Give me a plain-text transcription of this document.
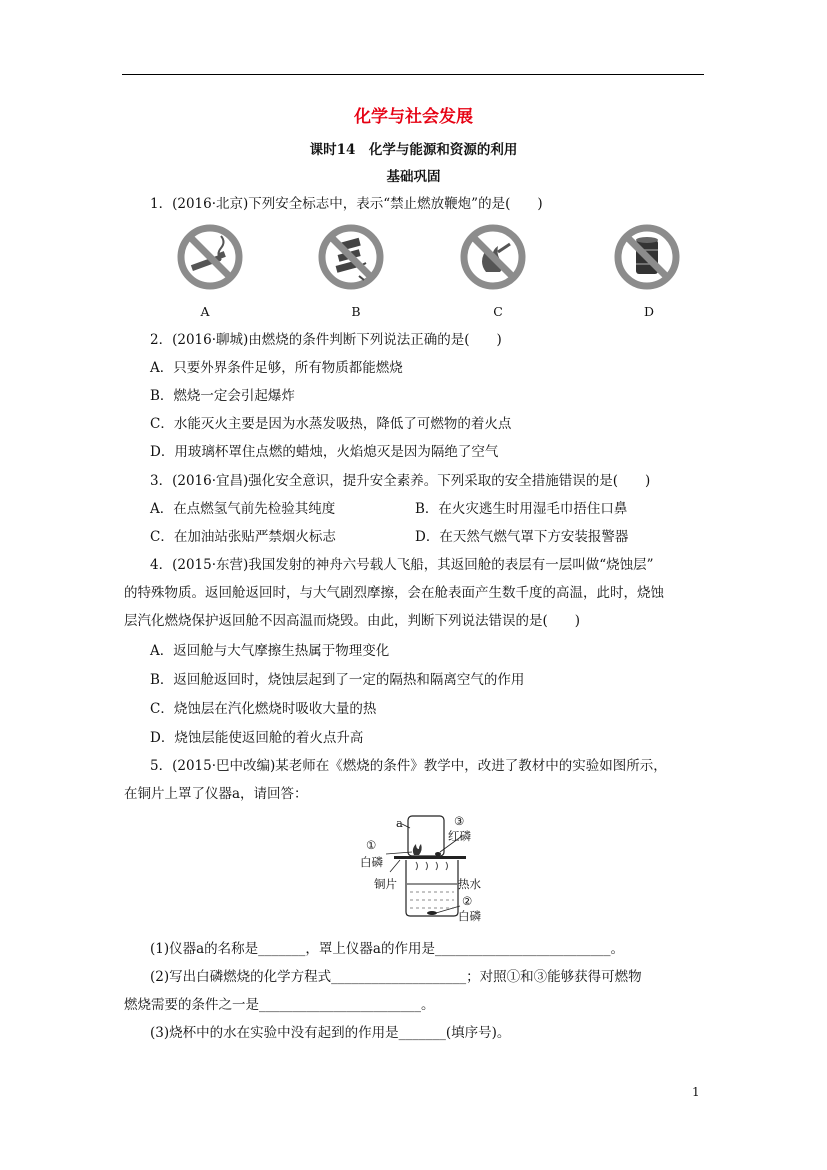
化学与社会发展
课时14　化学与能源和资源的利用
基础巩固
1．(2016·北京)下列安全标志中，表示“禁止燃放鞭炮”的是(　　)
A	B	C	D
2．(2016·聊城)由燃烧的条件判断下列说法正确的是(　　)
A．只要外界条件足够，所有物质都能燃烧
B．燃烧一定会引起爆炸
C．水能灭火主要是因为水蒸发吸热，降低了可燃物的着火点
D．用玻璃杯罩住点燃的蜡烛，火焰熄灭是因为隔绝了空气
3．(2016·宜昌)强化安全意识，提升安全素养。下列采取的安全措施错误的是(　　)
A．在点燃氢气前先检验其纯度	B．在火灾逃生时用湿毛巾捂住口鼻
C．在加油站张贴严禁烟火标志	D．在天然气燃气罩下方安装报警器
4．(2015·东营)我国发射的神舟六号载人飞船，其返回舱的表层有一层叫做“烧蚀层”
的特殊物质。返回舱返回时，与大气剧烈摩擦，会在舱表面产生数千度的高温，此时，烧蚀
层汽化燃烧保护返回舱不因高温而烧毁。由此，判断下列说法错误的是(　　)
A．返回舱与大气摩擦生热属于物理变化
B．返回舱返回时，烧蚀层起到了一定的隔热和隔离空气的作用
C．烧蚀层在汽化燃烧时吸收大量的热
D．烧蚀层能使返回舱的着火点升高
5．(2015·巴中改编)某老师在《燃烧的条件》教学中，改进了教材中的实验如图所示，
在铜片上罩了仪器a，请回答：
a
①
白磷
③
红磷
铜片	热水
②
白磷
(1)仪器a的名称是_______，罩上仪器a的作用是__________________________。
(2)写出白磷燃烧的化学方程式____________________；对照①和③能够获得可燃物
燃烧需要的条件之一是________________________。
(3)烧杯中的水在实验中没有起到的作用是_______(填序号)。
1
